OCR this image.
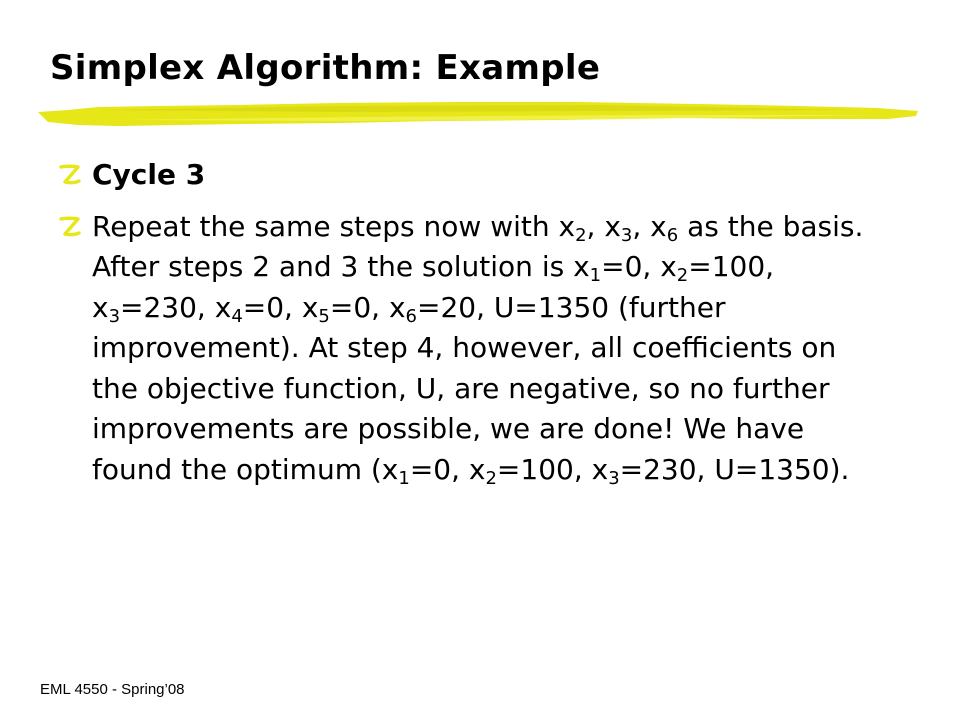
Simplex Algorithm: Example
Cycle 3
Repeat the same steps now with $x_2$, $x_3$, $x_6$ as the basis. After steps 2 and 3 the solution is $x_1=0$, $x_2=100$, $x_3=230$, $x_4=0$, $x_5=0$, $x_6=20$, U=1350 (further improvement). At step 4, however, all coefficients on the objective function, U, are negative, so no further improvements are possible, we are done! We have found the optimum ($x_1=0$, $x_2=100$, $x_3=230$, U=1350).
EML 4550 - Spring’08
